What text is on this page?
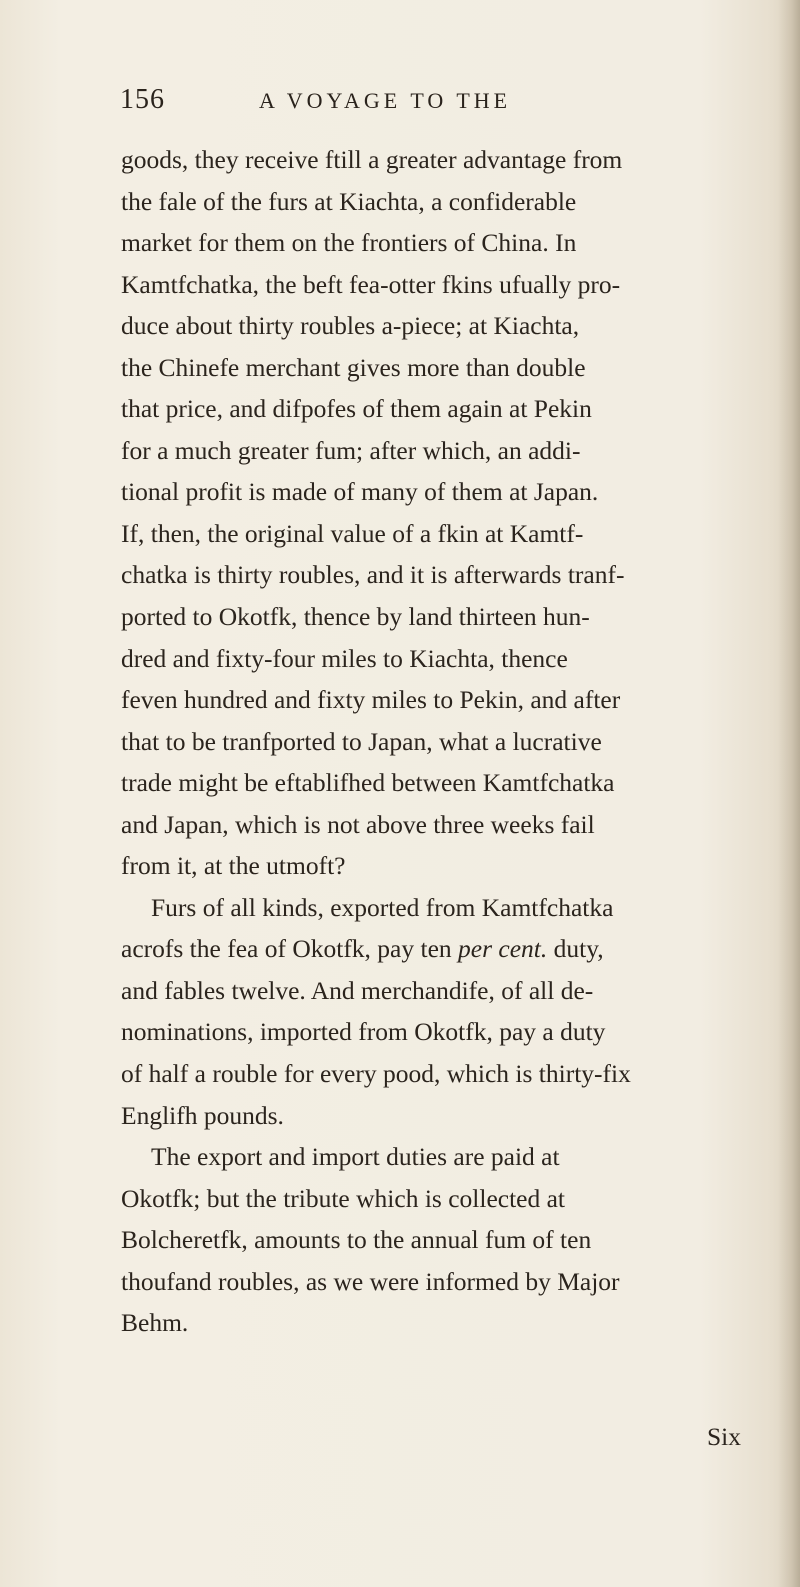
156	A VOYAGE TO THE
goods, they receive ftill a greater advantage from
the fale of the furs at Kiachta, a confiderable
market for them on the frontiers of China. In
Kamtfchatka, the beft fea-otter fkins ufually pro-
duce about thirty roubles a-piece; at Kiachta,
the Chinefe merchant gives more than double
that price, and difpofes of them again at Pekin
for a much greater fum; after which, an addi-
tional profit is made of many of them at Japan.
If, then, the original value of a fkin at Kamtf-
chatka is thirty roubles, and it is afterwards tranf-
ported to Okotfk, thence by land thirteen hun-
dred and fixty-four miles to Kiachta, thence
feven hundred and fixty miles to Pekin, and after
that to be tranfported to Japan, what a lucrative
trade might be eftablifhed between Kamtfchatka
and Japan, which is not above three weeks fail
from it, at the utmoft?
Furs of all kinds, exported from Kamtfchatka
acrofs the fea of Okotfk, pay ten per cent. duty,
and fables twelve. And merchandife, of all de-
nominations, imported from Okotfk, pay a duty
of half a rouble for every pood, which is thirty-fix
Englifh pounds.
The export and import duties are paid at
Okotfk; but the tribute which is collected at
Bolcheretfk, amounts to the annual fum of ten
thoufand roubles, as we were informed by Major
Behm.
Six
